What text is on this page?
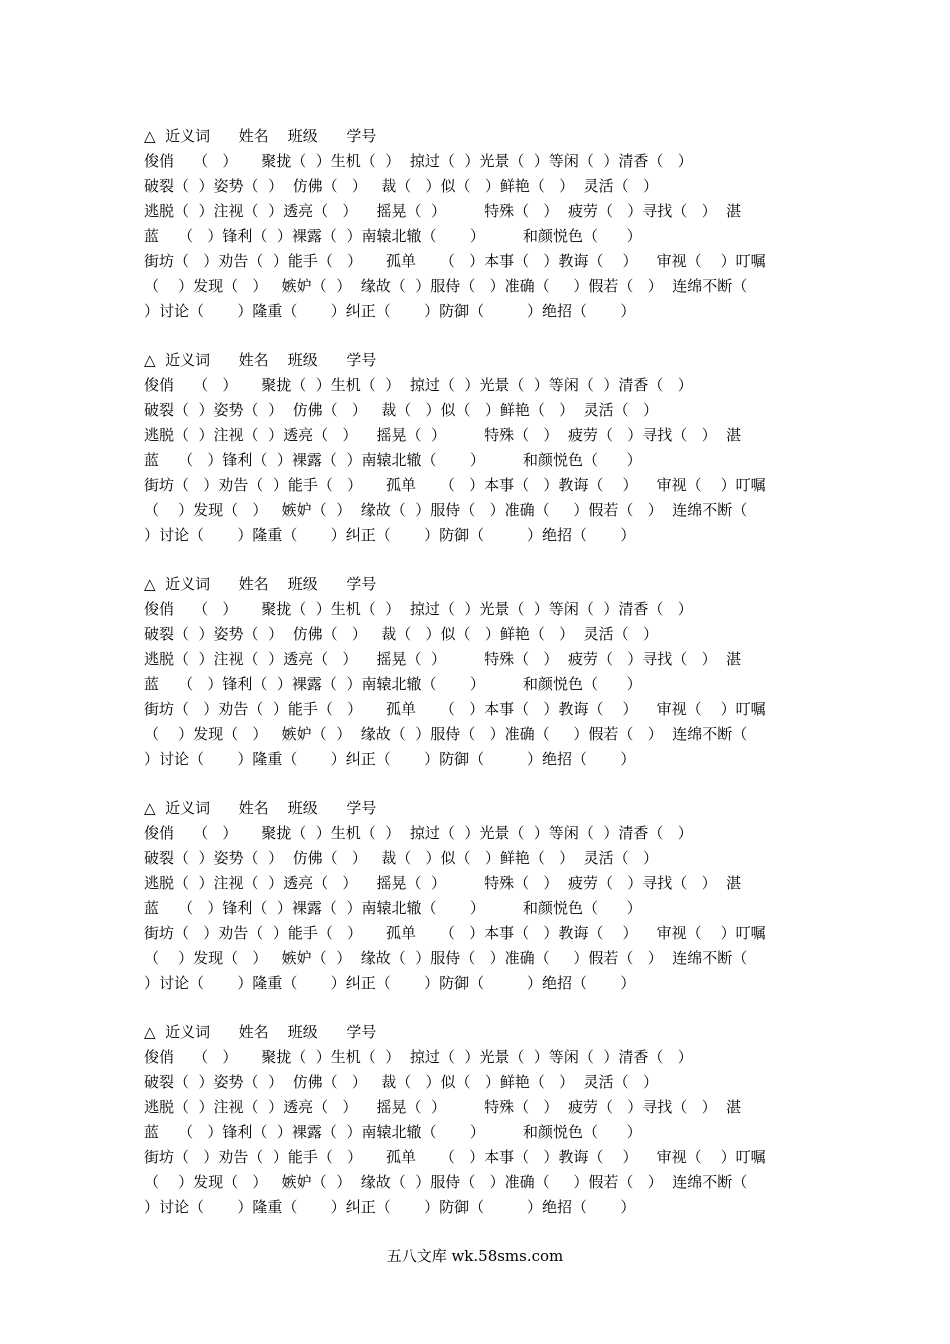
△  近义词      姓名    班级      学号
俊俏    （   ）     聚拢（  ）生机（  ）  掠过（  ）光景（  ）等闲（  ）清香（   ）
破裂（  ）姿势（  ）  仿佛（   ）   裁（   ）似（   ）鲜艳（   ）  灵活（   ）
逃脱（  ）注视（  ）透亮（   ）    摇晃（  ）        特殊（   ）  疲劳（   ）寻找（   ）  湛
蓝    （   ）锋利（  ）裸露（  ）南辕北辙（       ）        和颜悦色（      ）
街坊（   ）劝告（  ）能手（   ）     孤单     （   ）本事（   ）教诲（    ）    审视（    ）叮嘱
（    ）发现（   ）   嫉妒（  ）  缘故（  ）服侍（   ）准确（     ）假若（   ）  连绵不断（
）讨论（       ）隆重（       ）纠正（       ）防御（         ）绝招（       ）
△  近义词      姓名    班级      学号
俊俏    （   ）     聚拢（  ）生机（  ）  掠过（  ）光景（  ）等闲（  ）清香（   ）
破裂（  ）姿势（  ）  仿佛（   ）   裁（   ）似（   ）鲜艳（   ）  灵活（   ）
逃脱（  ）注视（  ）透亮（   ）    摇晃（  ）        特殊（   ）  疲劳（   ）寻找（   ）  湛
蓝    （   ）锋利（  ）裸露（  ）南辕北辙（       ）        和颜悦色（      ）
街坊（   ）劝告（  ）能手（   ）     孤单     （   ）本事（   ）教诲（    ）    审视（    ）叮嘱
（    ）发现（   ）   嫉妒（  ）  缘故（  ）服侍（   ）准确（     ）假若（   ）  连绵不断（
）讨论（       ）隆重（       ）纠正（       ）防御（         ）绝招（       ）
△  近义词      姓名    班级      学号
俊俏    （   ）     聚拢（  ）生机（  ）  掠过（  ）光景（  ）等闲（  ）清香（   ）
破裂（  ）姿势（  ）  仿佛（   ）   裁（   ）似（   ）鲜艳（   ）  灵活（   ）
逃脱（  ）注视（  ）透亮（   ）    摇晃（  ）        特殊（   ）  疲劳（   ）寻找（   ）  湛
蓝    （   ）锋利（  ）裸露（  ）南辕北辙（       ）        和颜悦色（      ）
街坊（   ）劝告（  ）能手（   ）     孤单     （   ）本事（   ）教诲（    ）    审视（    ）叮嘱
（    ）发现（   ）   嫉妒（  ）  缘故（  ）服侍（   ）准确（     ）假若（   ）  连绵不断（
）讨论（       ）隆重（       ）纠正（       ）防御（         ）绝招（       ）
△  近义词      姓名    班级      学号
俊俏    （   ）     聚拢（  ）生机（  ）  掠过（  ）光景（  ）等闲（  ）清香（   ）
破裂（  ）姿势（  ）  仿佛（   ）   裁（   ）似（   ）鲜艳（   ）  灵活（   ）
逃脱（  ）注视（  ）透亮（   ）    摇晃（  ）        特殊（   ）  疲劳（   ）寻找（   ）  湛
蓝    （   ）锋利（  ）裸露（  ）南辕北辙（       ）        和颜悦色（      ）
街坊（   ）劝告（  ）能手（   ）     孤单     （   ）本事（   ）教诲（    ）    审视（    ）叮嘱
（    ）发现（   ）   嫉妒（  ）  缘故（  ）服侍（   ）准确（     ）假若（   ）  连绵不断（
）讨论（       ）隆重（       ）纠正（       ）防御（         ）绝招（       ）
△  近义词      姓名    班级      学号
俊俏    （   ）     聚拢（  ）生机（  ）  掠过（  ）光景（  ）等闲（  ）清香（   ）
破裂（  ）姿势（  ）  仿佛（   ）   裁（   ）似（   ）鲜艳（   ）  灵活（   ）
逃脱（  ）注视（  ）透亮（   ）    摇晃（  ）        特殊（   ）  疲劳（   ）寻找（   ）  湛
蓝    （   ）锋利（  ）裸露（  ）南辕北辙（       ）        和颜悦色（      ）
街坊（   ）劝告（  ）能手（   ）     孤单     （   ）本事（   ）教诲（    ）    审视（    ）叮嘱
（    ）发现（   ）   嫉妒（  ）  缘故（  ）服侍（   ）准确（     ）假若（   ）  连绵不断（
）讨论（       ）隆重（       ）纠正（       ）防御（         ）绝招（       ）
五八文库 wk.58sms.com
